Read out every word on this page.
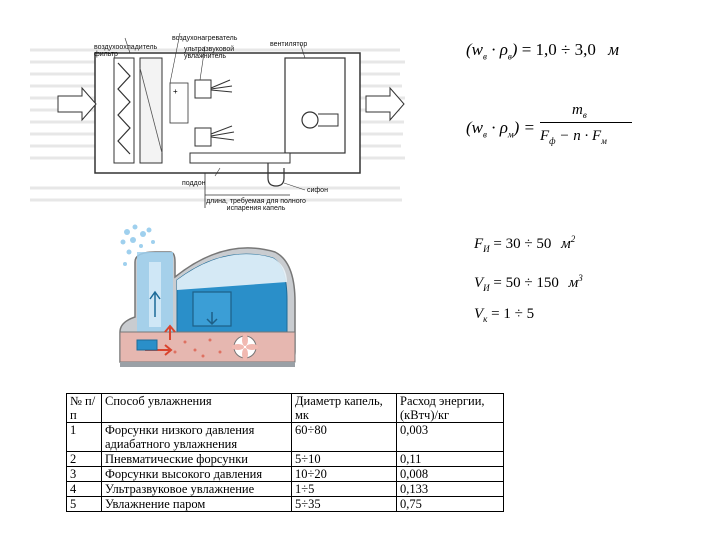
+
воздухонагреватель
ультразвуковой увлажнитель
вентилятор
воздухоохладитель фильтр
поддон
сифон
длина, требуемая для полного испарения капель
$(w_в \cdot \rho_в) = 1,0 \div 3,0$ м
$(w_в \cdot \rho_м)$ =
$m_в$
$F_ф - n \cdot F_м$
$F_И = 30 \div 50$ $м^2$
$V_И = 50 \div 150$ $м^3$
$V_к = 1 \div 5$
№ п/п	Способ увлажнения	Диаметр капель, мк	Расход энергии, (кВтч)/кг
1	Форсунки низкого давления адиабатного увлажнения	60÷80	0,003
2	Пневматические форсунки	5÷10	0,11
3	Форсунки высокого давления	10÷20	0,008
4	Ультразвуковое увлажнение	1÷5	0,133
5	Увлажнение паром	5÷35	0,75
